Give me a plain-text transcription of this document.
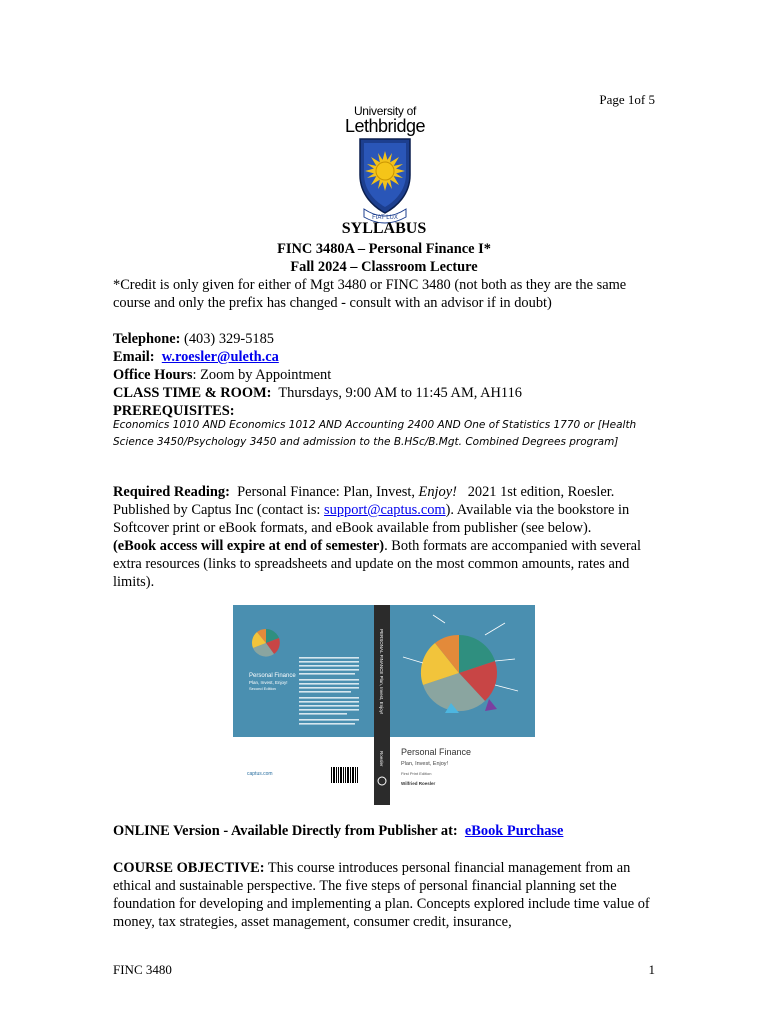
Page 1of 5
University of
Lethbridge
FIAT LUX
SYLLABUS
FINC 3480A – Personal Finance I*
Fall 2024 – Classroom Lecture
*Credit is only given for either of Mgt 3480 or FINC 3480 (not both as they are the same course and only the prefix has changed - consult with an advisor if in doubt)
Telephone: (403) 329-5185
Email: w.roesler@uleth.ca
Office Hours: Zoom by Appointment
CLASS TIME & ROOM: Thursdays, 9:00 AM to 11:45 AM, AH116
PREREQUISITES:
Economics 1010 AND Economics 1012 AND Accounting 2400 AND One of Statistics 1770 or [Health Science 3450/Psychology 3450 and admission to the B.HSc/B.Mgt. Combined Degrees program]
Required Reading: Personal Finance: Plan, Invest, Enjoy! 2021 1st edition, Roesler. Published by Captus Inc (contact is: support@captus.com). Available via the bookstore in Softcover print or eBook formats, and eBook available from publisher (see below).
(eBook access will expire at end of semester). Both formats are accompanied with several extra resources (links to spreadsheets and update on the most common amounts, rates and limits).
Personal Finance
Plan, Invest, Enjoy!
Second Edition
captus.com
PERSONAL FINANCE Plan, Invest, Enjoy!
Roesler Personal Finance
Plan, Invest, Enjoy!
First Print Edition
Wilfried Roesler
ONLINE Version - Available Directly from Publisher at: eBook Purchase
COURSE OBJECTIVE: This course introduces personal financial management from an ethical and sustainable perspective. The five steps of personal financial planning set the foundation for developing and implementing a plan. Concepts explored include time value of money, tax strategies, asset management, consumer credit, insurance,
FINC 3480	1
